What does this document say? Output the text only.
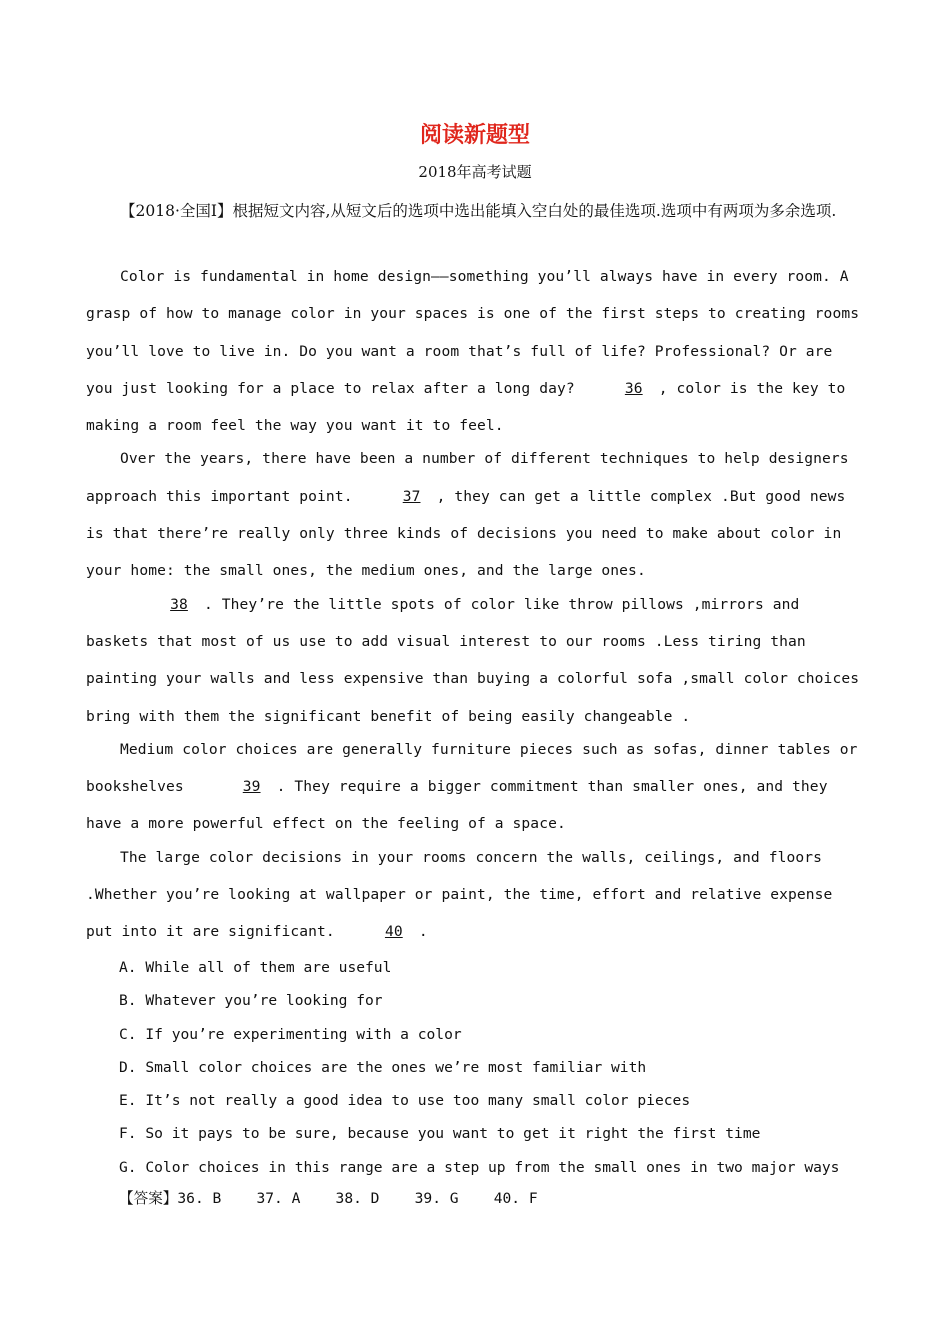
阅读新题型
2018年高考试题
【2018·全国I】根据短文内容,从短文后的选项中选出能填入空白处的最佳选项.选项中有两项为多余选项.

Color is fundamental in home design——something you’ll always have in every room. A grasp of how to manage color in your spaces is one of the first steps to creating rooms you’ll love to live in. Do you want a room that’s full of life? Professional? Or are you just looking for a place to relax after a long day?	36 , color is the key to making a room feel the way you want it to feel.

Over the years, there have been a number of different techniques to help designers approach this important point.	37 , they can get a little complex .But good news is that there’re really only three kinds of decisions you need to make about color in your home: the small ones, the medium ones, and the large ones.

38 . They’re the little spots of color like throw pillows ,mirrors and baskets that most of us use to add visual interest to our rooms .Less tiring than painting your walls and less expensive than buying a colorful sofa ,small color choices bring with them the significant benefit of being easily changeable .

Medium color choices are generally furniture pieces such as sofas, dinner tables or bookshelves	39 . They require a bigger commitment than smaller ones, and they have a more powerful effect on the feeling of a space.

The large color decisions in your rooms concern the walls, ceilings, and floors .Whether you’re looking at wallpaper or paint, the time, effort and relative expense put into it are significant.	40 .

A. While all of them are useful
B. Whatever you’re looking for
C. If you’re experimenting with a color
D. Small color choices are the ones we’re most familiar with
E. It’s not really a good idea to use too many small color pieces
F. So it pays to be sure, because you want to get it right the first time
G. Color choices in this range are a step up from the small ones in two major ways
【答案】36. B    37. A    38. D    39. G    40. F
